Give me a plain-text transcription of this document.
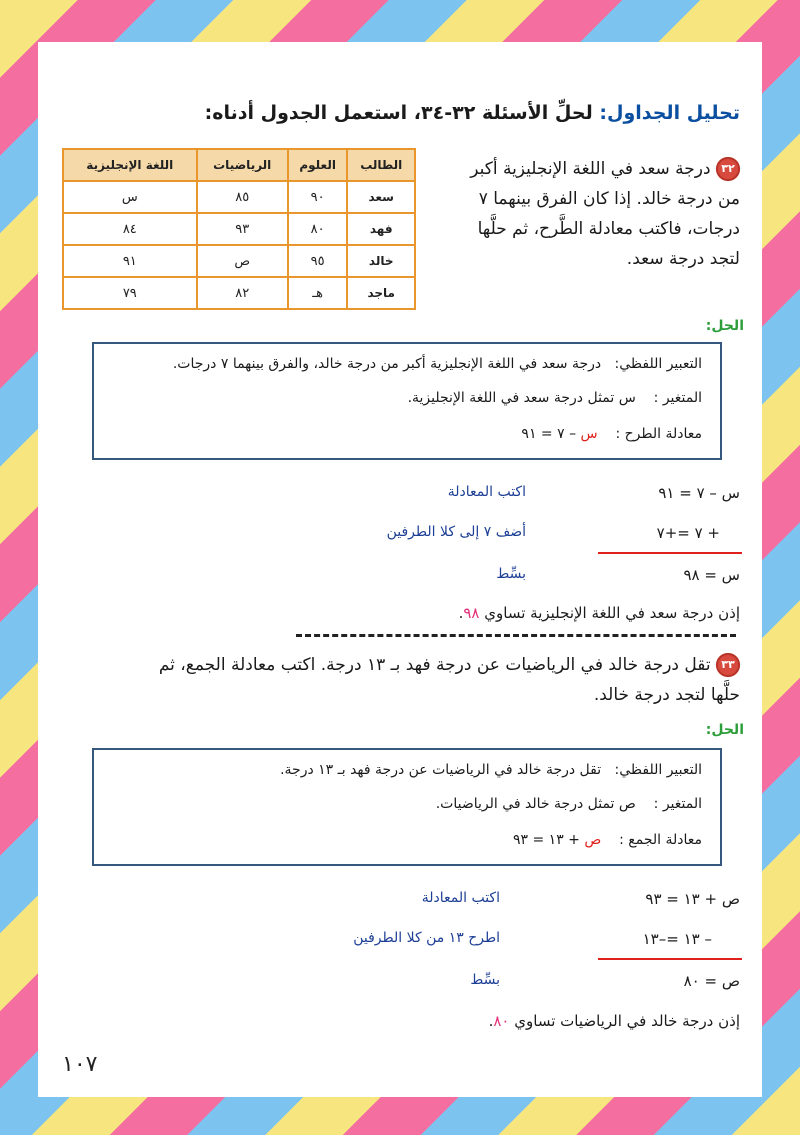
تحليل الجداول: لحلِّ الأسئلة ٣٢-٣٤، استعمل الجدول أدناه:
الطالب	العلوم	الرياضيات	اللغة الإنجليزية
سعد	٩٠	٨٥	س
فهد	٨٠	٩٣	٨٤
خالد	٩٥	ص	٩١
ماجد	هـ	٨٢	٧٩
٣٢ درجة سعد في اللغة الإنجليزية أكبر
من درجة خالد. إذا كان الفرق بينهما ٧
درجات، فاكتب معادلة الطَّرح، ثم حلَّها
لتجد درجة سعد.
الحل:
التعبير اللفظي:   درجة سعد في اللغة الإنجليزية أكبر من درجة خالد، والفرق بينهما ٧ درجات.
المتغير :    س تمثل درجة سعد في اللغة الإنجليزية.
معادلة الطرح :    س – ٧ = ٩١
س – ٧ = ٩١
اكتب المعادلة
+ ٧ =+٧
أضف ٧ إلى كلا الطرفين
س = ٩٨
بسِّط
إذن درجة سعد في اللغة الإنجليزية تساوي ٩٨.
٣٣ تقل درجة خالد في الرياضيات عن درجة فهد بـ ١٣ درجة. اكتب معادلة الجمع، ثم
حلَّها لتجد درجة خالد.
الحل:
التعبير اللفظي:   تقل درجة خالد في الرياضيات عن درجة فهد بـ ١٣ درجة.
المتغير :    ص تمثل درجة خالد في الرياضيات.
معادلة الجمع :    ص + ١٣ = ٩٣
ص + ١٣ = ٩٣
اكتب المعادلة
– ١٣ =–١٣
اطرح ١٣ من كلا الطرفين
ص = ٨٠
بسِّط
إذن درجة خالد في الرياضيات تساوي ٨٠.
١٠٧
